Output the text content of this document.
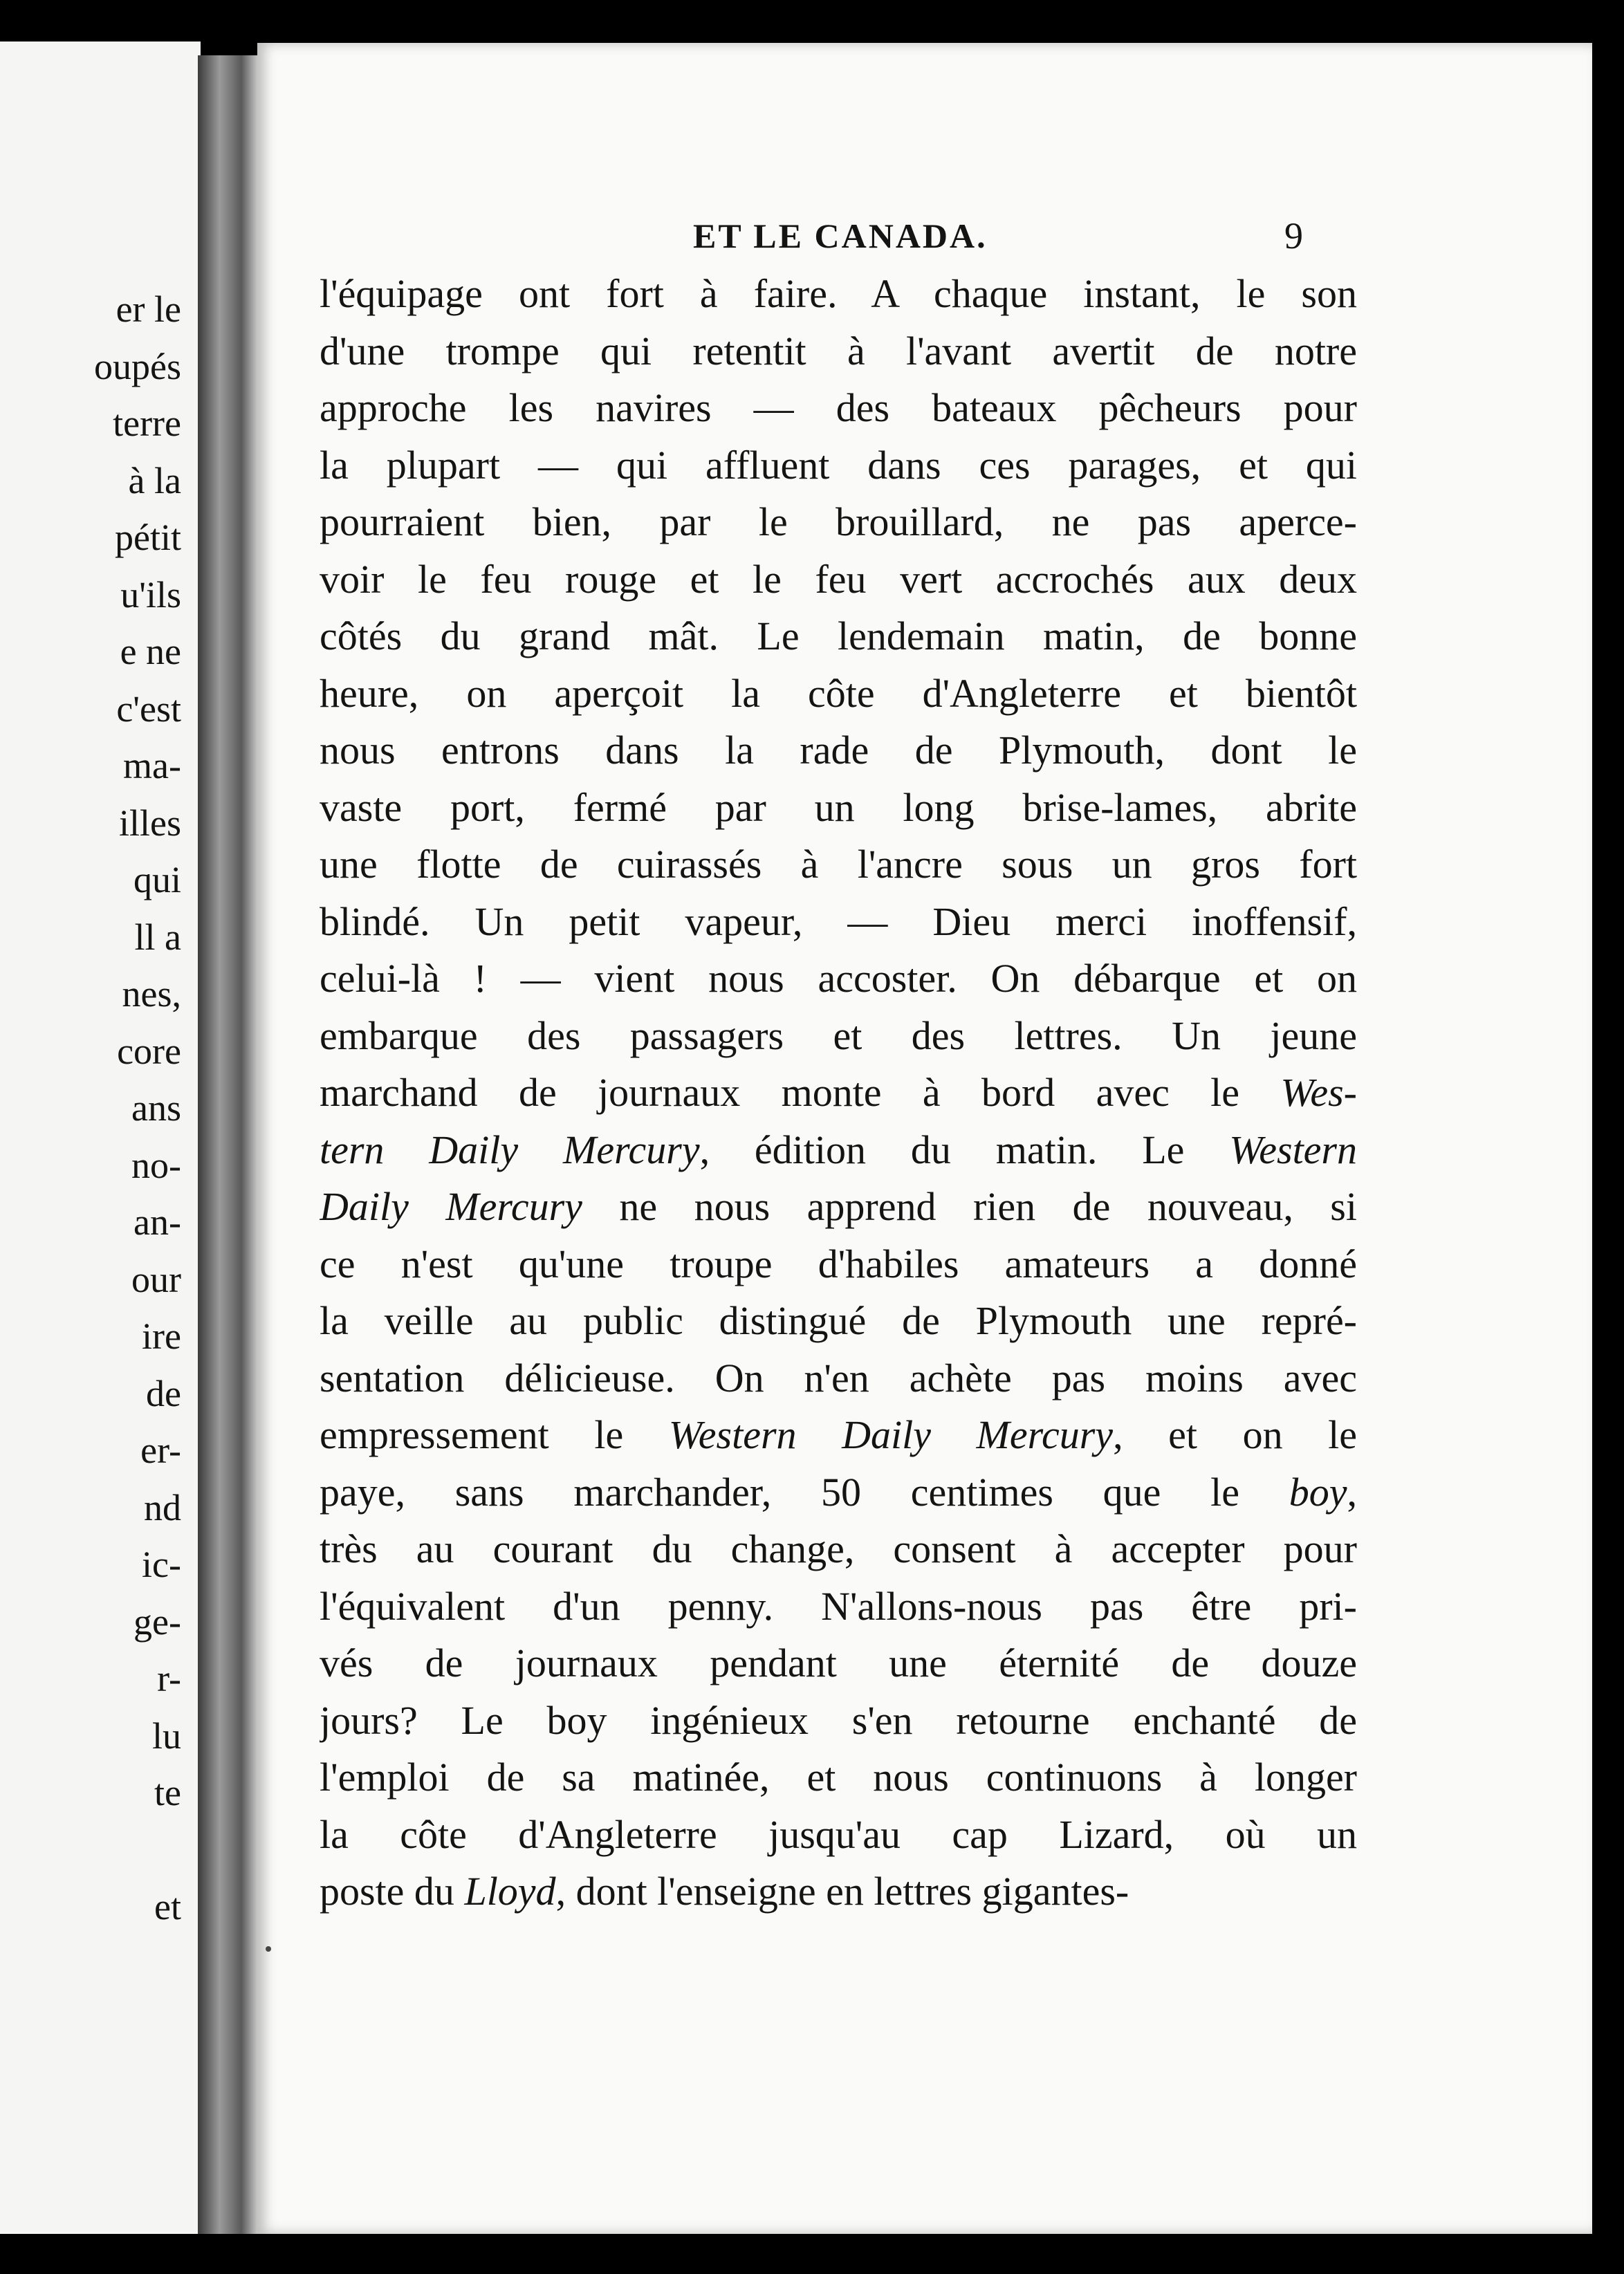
er le
oupés
terre
à la
pétit
u'ils
e ne
c'est
ma-
illes
qui
ll a
nes,
core
ans
no-
an-
our
ire
de
er-
nd
ic-
ge-
r-
lu
te
et
ET LE CANADA.	9
l'équipage ont fort à faire. A chaque instant, le son
d'une trompe qui retentit à l'avant avertit de notre
approche les navires — des bateaux pêcheurs pour
la plupart — qui affluent dans ces parages, et qui
pourraient bien, par le brouillard, ne pas aperce-
voir le feu rouge et le feu vert accrochés aux deux
côtés du grand mât. Le lendemain matin, de bonne
heure, on aperçoit la côte d'Angleterre et bientôt
nous entrons dans la rade de Plymouth, dont le
vaste port, fermé par un long brise-lames, abrite
une flotte de cuirassés à l'ancre sous un gros fort
blindé. Un petit vapeur, — Dieu merci inoffensif,
celui-là ! — vient nous accoster. On débarque et on
embarque des passagers et des lettres. Un jeune
marchand de journaux monte à bord avec le Wes-
tern Daily Mercury, édition du matin. Le Western
Daily Mercury ne nous apprend rien de nouveau, si
ce n'est qu'une troupe d'habiles amateurs a donné
la veille au public distingué de Plymouth une repré-
sentation délicieuse. On n'en achète pas moins avec
empressement le Western Daily Mercury, et on le
paye, sans marchander, 50 centimes que le boy,
très au courant du change, consent à accepter pour
l'équivalent d'un penny. N'allons-nous pas être pri-
vés de journaux pendant une éternité de douze
jours? Le boy ingénieux s'en retourne enchanté de
l'emploi de sa matinée, et nous continuons à longer
la côte d'Angleterre jusqu'au cap Lizard, où un
poste du Lloyd, dont l'enseigne en lettres gigantes-
